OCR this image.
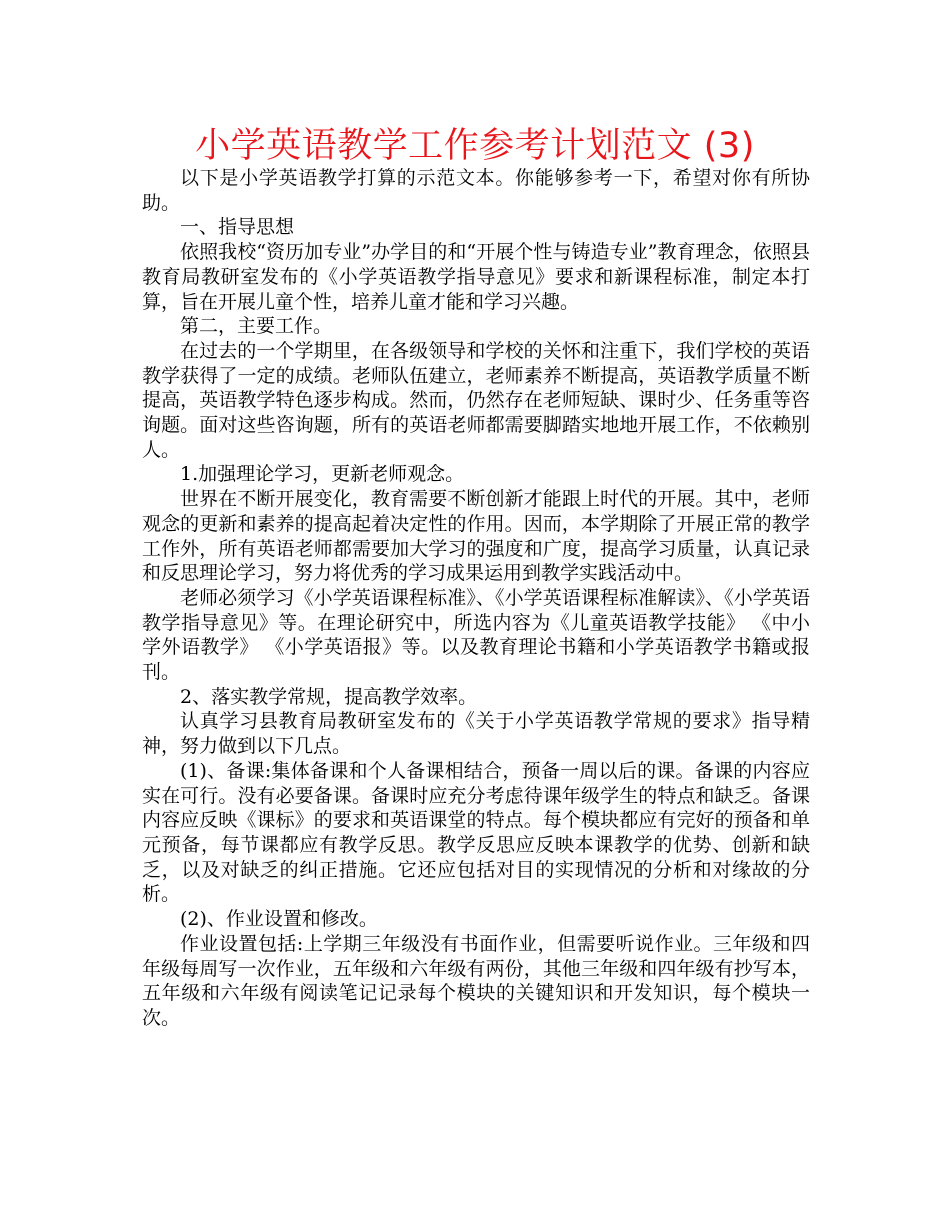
小学英语教学工作参考计划范文 (3)

以下是小学英语教学打算的示范文本。你能够参考一下，希望对你有所协助。

一、指导思想

依照我校“资历加专业”办学目的和“开展个性与铸造专业”教育理念，依照县教育局教研室发布的《小学英语教学指导意见》要求和新课程标准，制定本打算，旨在开展儿童个性，培养儿童才能和学习兴趣。

第二，主要工作。

在过去的一个学期里，在各级领导和学校的关怀和注重下，我们学校的英语教学获得了一定的成绩。老师队伍建立，老师素养不断提高，英语教学质量不断提高，英语教学特色逐步构成。然而，仍然存在老师短缺、课时少、任务重等咨询题。面对这些咨询题，所有的英语老师都需要脚踏实地地开展工作，不依赖别人。

1.加强理论学习，更新老师观念。

世界在不断开展变化，教育需要不断创新才能跟上时代的开展。其中，老师观念的更新和素养的提高起着决定性的作用。因而，本学期除了开展正常的教学工作外，所有英语老师都需要加大学习的强度和广度，提高学习质量，认真记录和反思理论学习，努力将优秀的学习成果运用到教学实践活动中。

老师必须学习《小学英语课程标准》、《小学英语课程标准解读》、《小学英语教学指导意见》等。在理论研究中，所选内容为《儿童英语教学技能》 《中小学外语教学》 《小学英语报》等。以及教育理论书籍和小学英语教学书籍或报刊。

2、落实教学常规，提高教学效率。

认真学习县教育局教研室发布的《关于小学英语教学常规的要求》指导精神，努力做到以下几点。

(1)、备课:集体备课和个人备课相结合，预备一周以后的课。备课的内容应实在可行。没有必要备课。备课时应充分考虑待课年级学生的特点和缺乏。备课内容应反映《课标》的要求和英语课堂的特点。每个模块都应有完好的预备和单元预备，每节课都应有教学反思。教学反思应反映本课教学的优势、创新和缺乏，以及对缺乏的纠正措施。它还应包括对目的实现情况的分析和对缘故的分析。

(2)、作业设置和修改。

作业设置包括:上学期三年级没有书面作业，但需要听说作业。三年级和四年级每周写一次作业，五年级和六年级有两份，其他三年级和四年级有抄写本，五年级和六年级有阅读笔记记录每个模块的关键知识和开发知识，每个模块一次。
